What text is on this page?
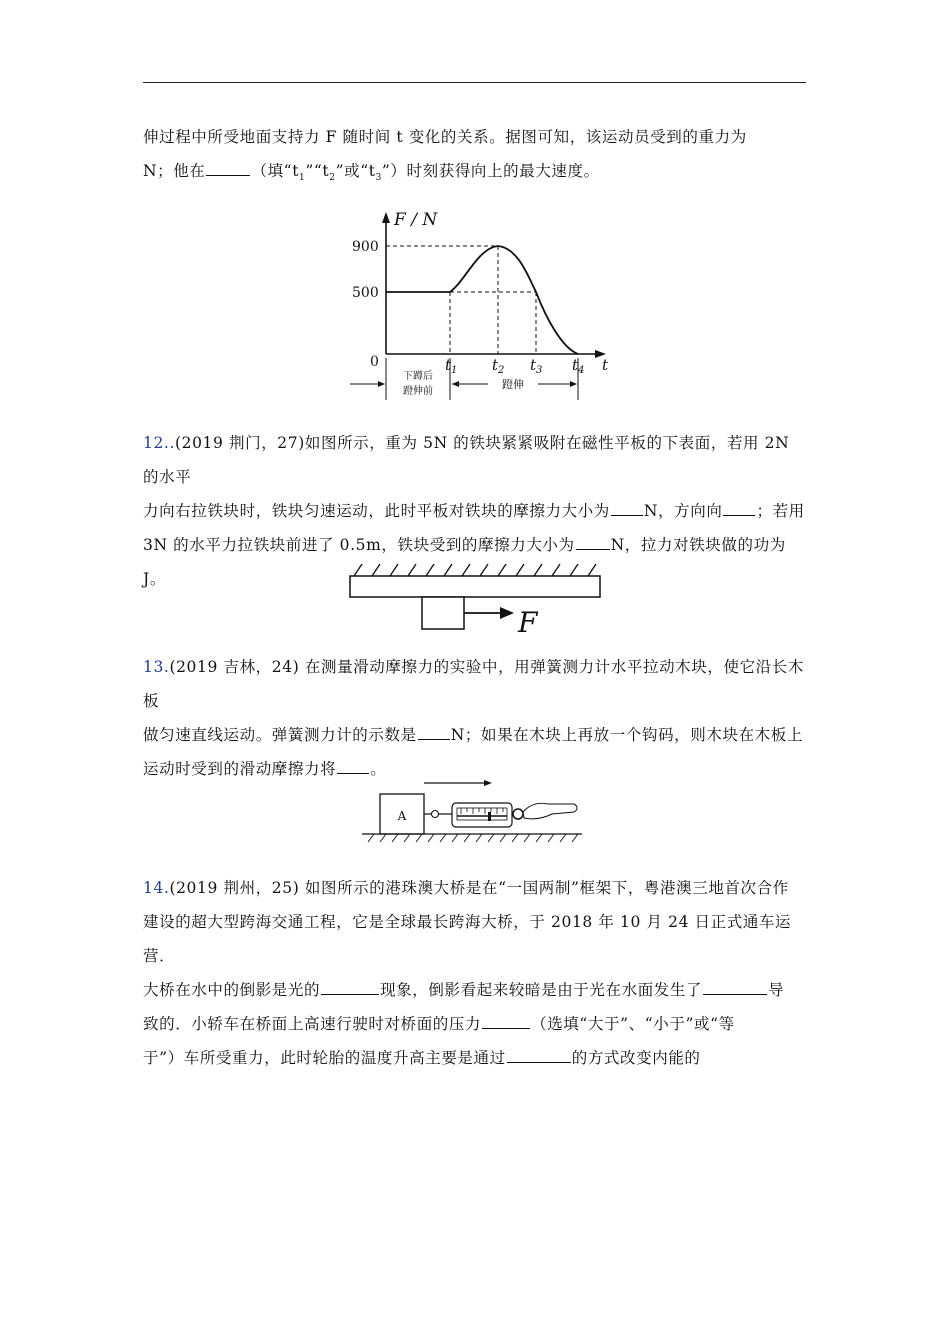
伸过程中所受地面支持力 F 随时间 t 变化的关系。据图可知，该运动员受到的重力为
N；他在	（填“$t_1”“t_2$”或“$t_3$”）时刻获得向上的最大速度。
F / N
900
500
0	$t_1$ $t_2$ $t_3$ $t_4$ t
下蹲后
蹬伸前
蹬伸
12..(2019 荆门，27)如图所示，重为 5N 的铁块紧紧吸附在磁性平板的下表面，若用 2N 的水平
力向右拉铁块时，铁块匀速运动，此时平板对铁块的摩擦力大小为 N，方向向 ；若用
3N 的水平力拉铁块前进了 0.5m，铁块受到的摩擦力大小为 N，拉力对铁块做的功为
J。
F
13.(2019 吉林，24) 在测量滑动摩擦力的实验中，用弹簧测力计水平拉动木块，使它沿长木板
做匀速直线运动。弹簧测力计的示数是 N；如果在木块上再放一个钩码，则木块在木板上
运动时受到的滑动摩擦力将 。
A
14.(2019 荆州，25) 如图所示的港珠澳大桥是在“一国两制”框架下，粤港澳三地首次合作
建设的超大型跨海交通工程，它是全球最长跨海大桥，于 2018 年 10 月 24 日正式通车运营．
大桥在水中的倒影是光的	现象，倒影看起来较暗是由于光在水面发生了	导
致的．小轿车在桥面上高速行驶时对桥面的压力	（选填“大于”、“小于”或“等
于”）车所受重力，此时轮胎的温度升高主要是通过	的方式改变内能的
